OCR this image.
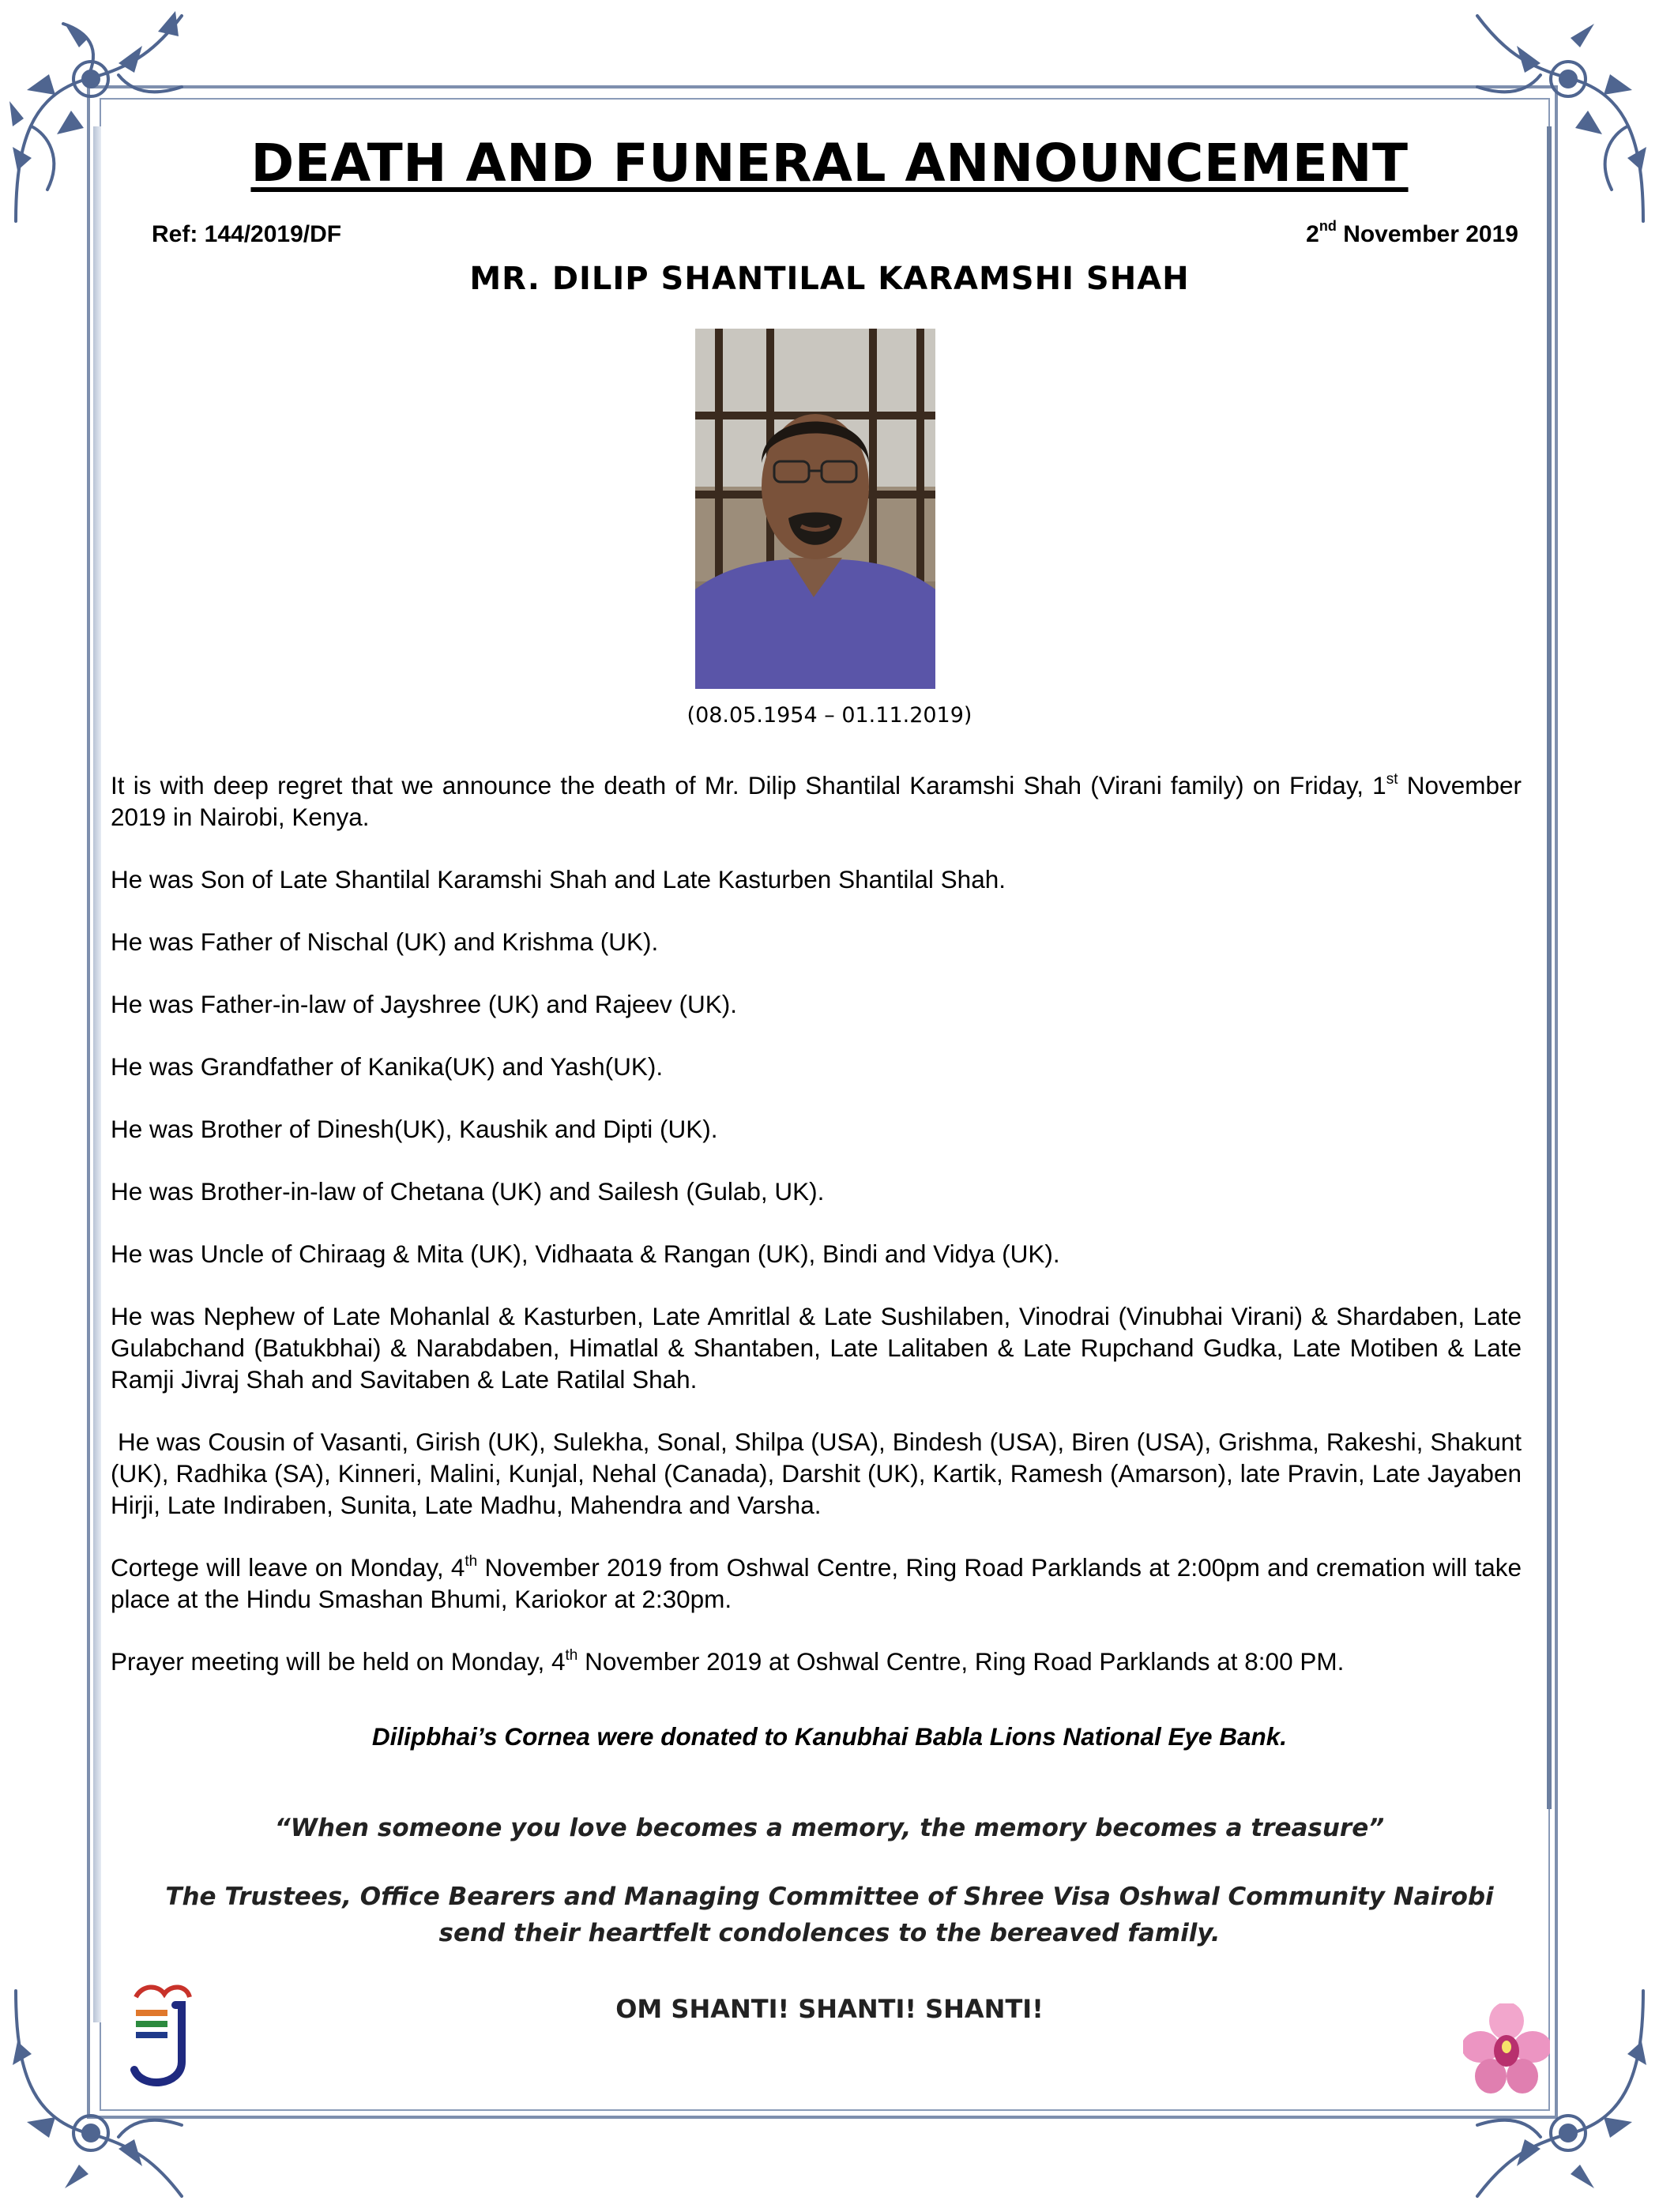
DEATH AND FUNERAL ANNOUNCEMENT
Ref: 144/2019/DF	2nd November 2019
MR. DILIP SHANTILAL KARAMSHI SHAH
(08.05.1954 – 01.11.2019)

It is with deep regret that we announce the death of Mr. Dilip Shantilal Karamshi Shah (Virani family) on Friday, 1st November 2019 in Nairobi, Kenya.

He was Son of Late Shantilal Karamshi Shah and Late Kasturben Shantilal Shah.

He was Father of Nischal (UK) and Krishma (UK).

He was Father-in-law of Jayshree (UK) and Rajeev (UK).

He was Grandfather of Kanika(UK) and Yash(UK).

He was Brother of Dinesh(UK), Kaushik and Dipti (UK).

He was Brother-in-law of Chetana (UK) and Sailesh (Gulab, UK).

He was Uncle of Chiraag & Mita (UK), Vidhaata & Rangan (UK), Bindi and Vidya (UK).

He was Nephew of Late Mohanlal & Kasturben, Late Amritlal & Late Sushilaben, Vinodrai (Vinubhai Virani) & Shardaben, Late Gulabchand (Batukbhai) & Narabdaben, Himatlal & Shantaben, Late Lalitaben & Late Rupchand Gudka, Late Motiben & Late Ramji Jivraj Shah and Savitaben & Late Ratilal Shah.

He was Cousin of Vasanti, Girish (UK), Sulekha, Sonal, Shilpa (USA), Bindesh (USA), Biren (USA), Grishma, Rakeshi, Shakunt (UK), Radhika (SA), Kinneri, Malini, Kunjal, Nehal (Canada), Darshit (UK), Kartik, Ramesh (Amarson), late Pravin, Late Jayaben Hirji, Late Indiraben, Sunita, Late Madhu, Mahendra and Varsha.

Cortege will leave on Monday, 4th November 2019 from Oshwal Centre, Ring Road Parklands at 2:00pm and cremation will take place at the Hindu Smashan Bhumi, Kariokor at 2:30pm.

Prayer meeting will be held on Monday, 4th November 2019 at Oshwal Centre, Ring Road Parklands at 8:00 PM.

Dilipbhai’s Cornea were donated to Kanubhai Babla Lions National Eye Bank.
“When someone you love becomes a memory, the memory becomes a treasure”
The Trustees, Office Bearers and Managing Committee of Shree Visa Oshwal Community Nairobi
send their heartfelt condolences to the bereaved family.
OM SHANTI! SHANTI! SHANTI!
